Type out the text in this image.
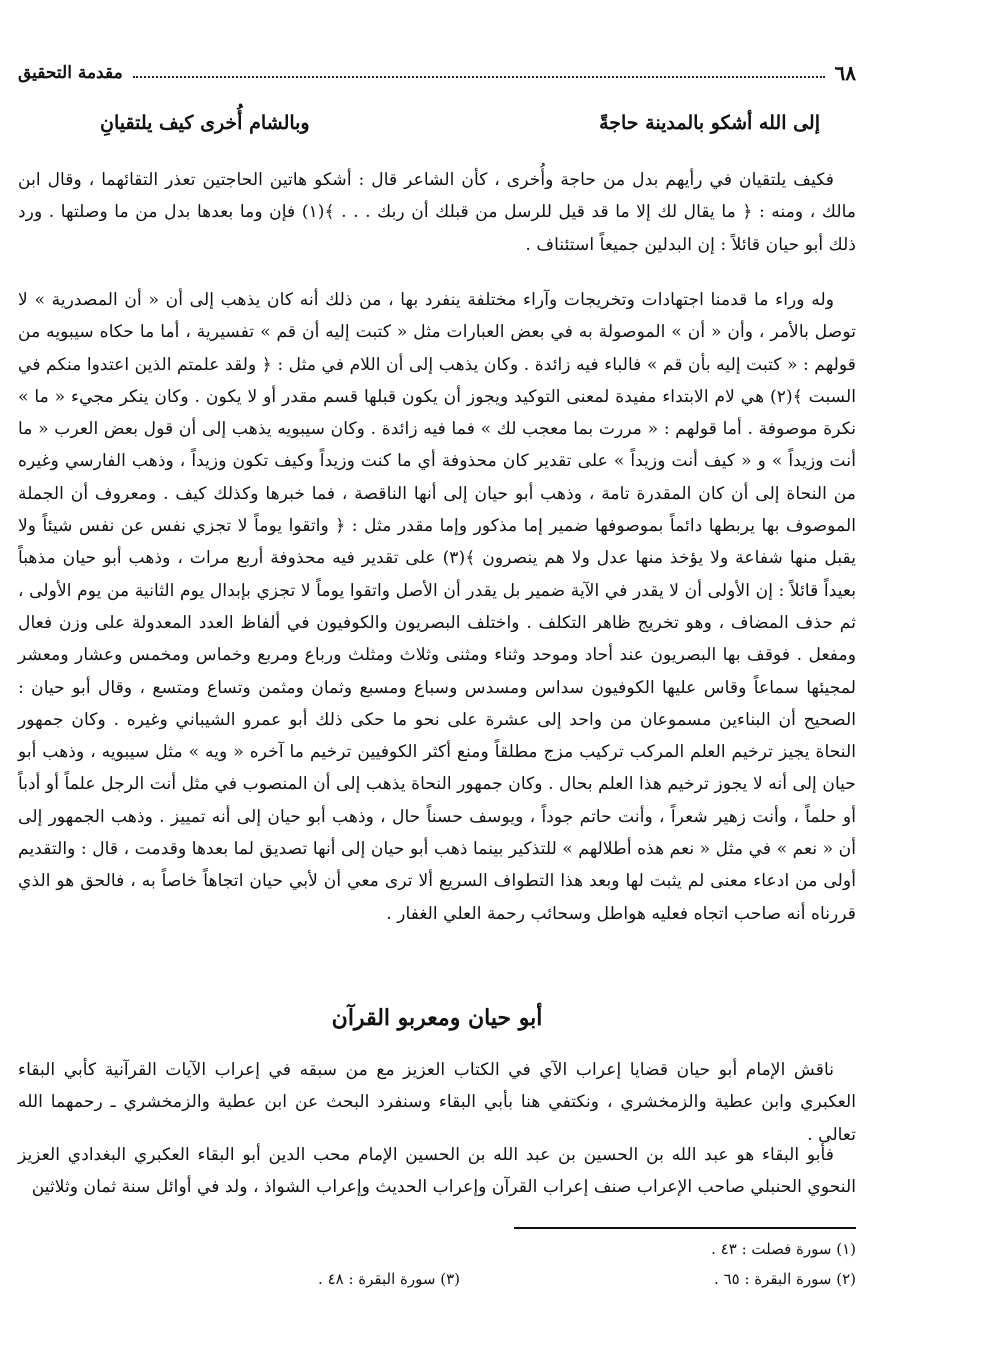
٦٨
مقدمة التحقيق
إلى الله أشكو بالمدينة حاجةً
وبالشام أُخرى كيف يلتقيانِ

فكيف يلتقيان في رأيهم بدل من حاجة وأُخرى ، كأن الشاعر قال : أشكو هاتين الحاجتين تعذر التقائهما ، وقال ابن مالك ، ومنه : ﴿ ما يقال لك إلا ما قد قيل للرسل من قبلك أن ربك . . . ﴾(١) فإن وما بعدها بدل من ما وصلتها . ورد ذلك أبو حيان قائلاً : إن البدلين جميعاً استئناف .

وله وراء ما قدمنا اجتهادات وتخريجات وآراء مختلفة ينفرد بها ، من ذلك أنه كان يذهب إلى أن « أن المصدرية » لا توصل بالأمر ، وأن « أن » الموصولة به في بعض العبارات مثل « كتبت إليه أن قم » تفسيرية ، أما ما حكاه سيبويه من قولهم : « كتبت إليه بأن قم » فالباء فيه زائدة . وكان يذهب إلى أن اللام في مثل : ﴿ ولقد علمتم الذين اعتدوا منكم في السبت ﴾(٢) هي لام الابتداء مفيدة لمعنى التوكيد ويجوز أن يكون قبلها قسم مقدر أو لا يكون . وكان ينكر مجيء « ما » نكرة موصوفة . أما قولهم : « مررت بما معجب لك » فما فيه زائدة . وكان سيبويه يذهب إلى أن قول بعض العرب « ما أنت وزيداً » و « كيف أنت وزيداً » على تقدير كان محذوفة أي ما كنت وزيداً وكيف تكون وزيداً ، وذهب الفارسي وغيره من النحاة إلى أن كان المقدرة تامة ، وذهب أبو حيان إلى أنها الناقصة ، فما خبرها وكذلك كيف . ومعروف أن الجملة الموصوف بها يربطها دائماً بموصوفها ضمير إما مذكور وإما مقدر مثل : ﴿ واتقوا يوماً لا تجزي نفس عن نفس شيئاً ولا يقبل منها شفاعة ولا يؤخذ منها عدل ولا هم ينصرون ﴾(٣) على تقدير فيه محذوفة أربع مرات ، وذهب أبو حيان مذهباً بعيداً قائلاً : إن الأولى أن لا يقدر في الآية ضمير بل يقدر أن الأصل واتقوا يوماً لا تجزي بإبدال يوم الثانية من يوم الأولى ، ثم حذف المضاف ، وهو تخريج ظاهر التكلف . واختلف البصريون والكوفيون في ألفاظ العدد المعدولة على وزن فعال ومفعل . فوقف بها البصريون عند أحاد وموحد وثناء ومثنى وثلاث ومثلث ورباع ومربع وخماس ومخمس وعشار ومعشر لمجيئها سماعاً وقاس عليها الكوفيون سداس ومسدس وسباع ومسبع وثمان ومثمن وتساع ومتسع ، وقال أبو حيان : الصحيح أن البناءين مسموعان من واحد إلى عشرة على نحو ما حكى ذلك أبو عمرو الشيباني وغيره . وكان جمهور النحاة يجيز ترخيم العلم المركب تركيب مزج مطلقاً ومنع أكثر الكوفيين ترخيم ما آخره « ويه » مثل سيبويه ، وذهب أبو حيان إلى أنه لا يجوز ترخيم هذا العلم بحال . وكان جمهور النحاة يذهب إلى أن المنصوب في مثل أنت الرجل علماً أو أدباً أو حلماً ، وأنت زهير شعراً ، وأنت حاتم جوداً ، ويوسف حسناً حال ، وذهب أبو حيان إلى أنه تمييز . وذهب الجمهور إلى أن « نعم » في مثل « نعم هذه أطلالهم » للتذكير بينما ذهب أبو حيان إلى أنها تصديق لما بعدها وقدمت ، قال : والتقديم أولى من ادعاء معنى لم يثبت لها وبعد هذا التطواف السريع ألا ترى معي أن لأبي حيان اتجاهاً خاصاً به ، فالحق هو الذي قررناه أنه صاحب اتجاه فعليه هواطل وسحائب رحمة العلي الغفار .

أبو حيان ومعربو القرآن

ناقش الإمام أبو حيان قضايا إعراب الآي في الكتاب العزيز مع من سبقه في إعراب الآيات القرآنية كأبي البقاء العكبري وابن عطية والزمخشري ، ونكتفي هنا بأبي البقاء وسنفرد البحث عن ابن عطية والزمخشري ـ رحمهما الله تعالى .

فأبو البقاء هو عبد الله بن الحسين بن عبد الله بن الحسين الإمام محب الدين أبو البقاء العكبري البغدادي العزيز النحوي الحنبلي صاحب الإعراب صنف إعراب القرآن وإعراب الحديث وإعراب الشواذ ، ولد في أوائل سنة ثمان وثلاثين

(١) سورة فصلت : ٤٣ .
(٢) سورة البقرة : ٦٥ .
(٣) سورة البقرة : ٤٨ .
